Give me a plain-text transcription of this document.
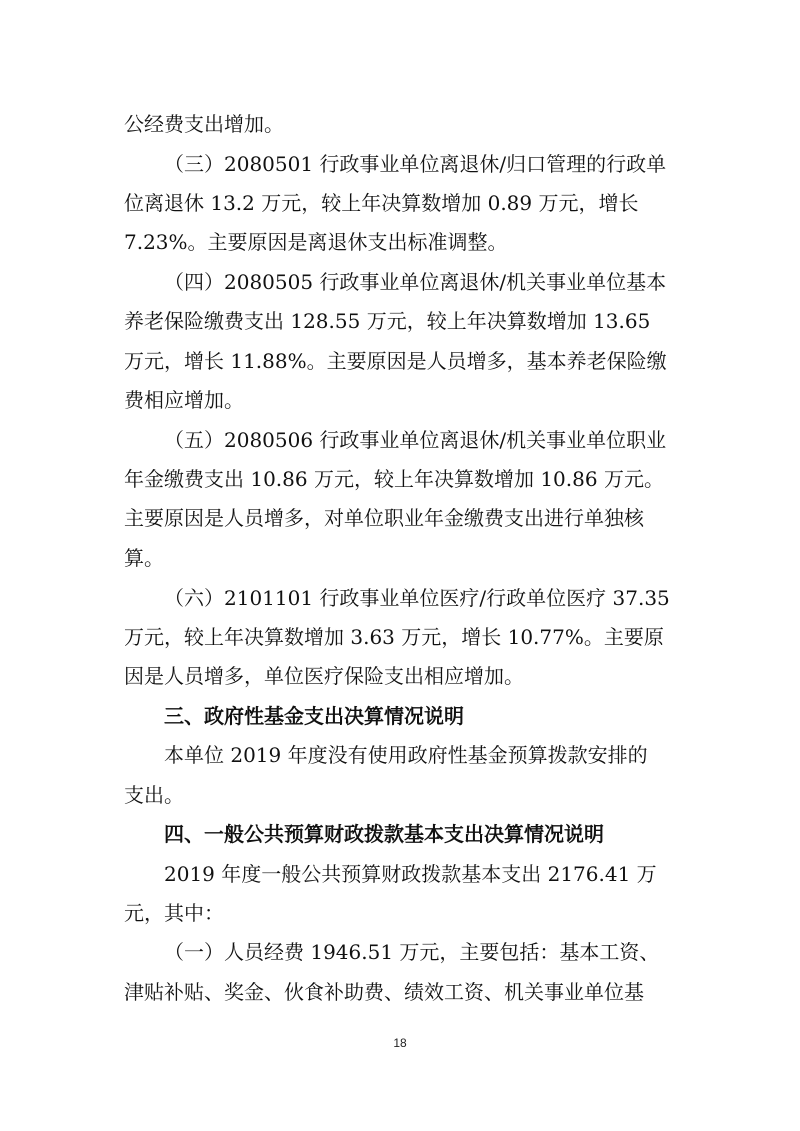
公经费支出增加。
（三）2080501 行政事业单位离退休/归口管理的行政单
位离退休 13.2 万元，较上年决算数增加 0.89 万元，增长
7.23%。主要原因是离退休支出标准调整。
（四）2080505 行政事业单位离退休/机关事业单位基本
养老保险缴费支出 128.55 万元，较上年决算数增加 13.65
万元，增长 11.88%。主要原因是人员增多，基本养老保险缴
费相应增加。
（五）2080506 行政事业单位离退休/机关事业单位职业
年金缴费支出 10.86 万元，较上年决算数增加 10.86 万元。
主要原因是人员增多，对单位职业年金缴费支出进行单独核
算。
（六）2101101 行政事业单位医疗/行政单位医疗 37.35
万元，较上年决算数增加 3.63 万元，增长 10.77%。主要原
因是人员增多，单位医疗保险支出相应增加。
三、政府性基金支出决算情况说明
本单位 2019 年度没有使用政府性基金预算拨款安排的
支出。
四、一般公共预算财政拨款基本支出决算情况说明
2019 年度一般公共预算财政拨款基本支出 2176.41 万
元，其中：
（一）人员经费 1946.51 万元，主要包括：基本工资、
津贴补贴、奖金、伙食补助费、绩效工资、机关事业单位基
18
